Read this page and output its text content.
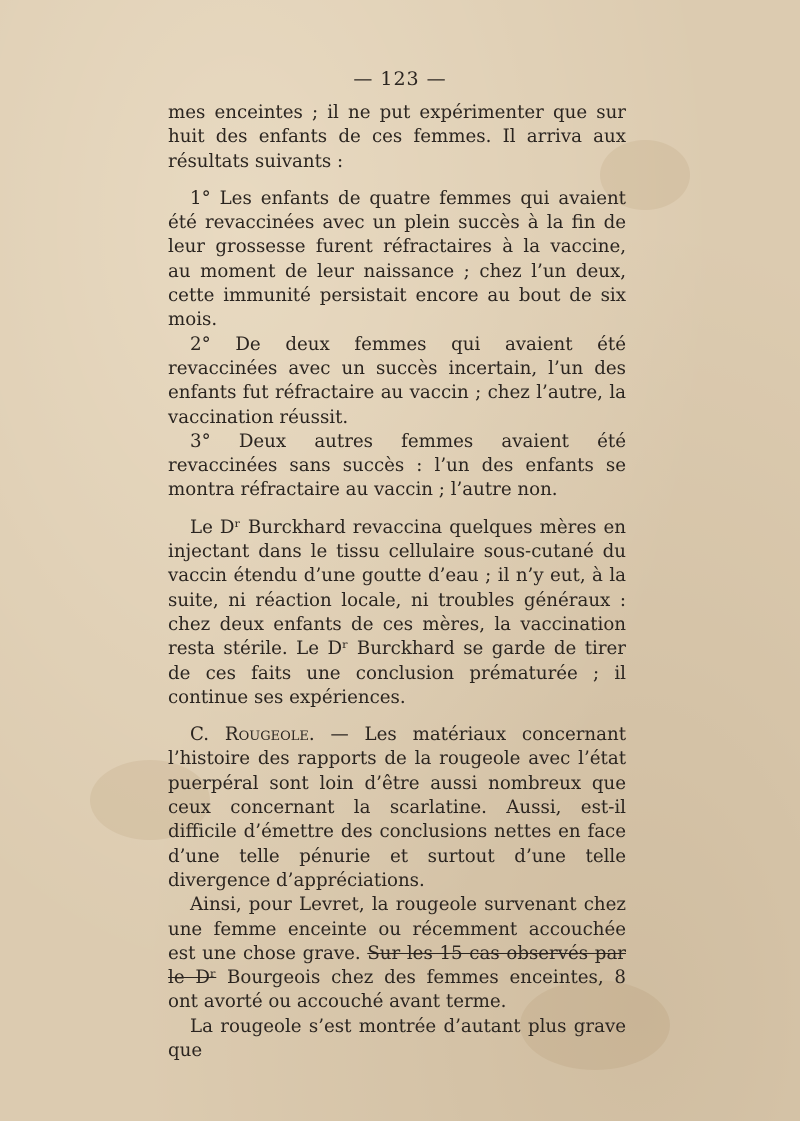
— 123 —

mes enceintes ; il ne put expérimenter que sur huit des enfants de ces femmes. Il arriva aux résultats suivants :

1° Les enfants de quatre femmes qui avaient été revaccinées avec un plein succès à la fin de leur grossesse furent réfractaires à la vaccine, au moment de leur naissance ; chez l’un deux, cette immunité persistait encore au bout de six mois.

2° De deux femmes qui avaient été revaccinées avec un succès incertain, l’un des enfants fut réfractaire au vaccin ; chez l’autre, la vaccination réussit.

3° Deux autres femmes avaient été revaccinées sans succès : l’un des enfants se montra réfractaire au vaccin ; l’autre non.

Le Dʳ Burckhard revaccina quelques mères en injectant dans le tissu cellulaire sous-cutané du vaccin étendu d’une goutte d’eau ; il n’y eut, à la suite, ni réaction locale, ni troubles généraux : chez deux enfants de ces mères, la vaccination resta stérile. Le Dʳ Burckhard se garde de tirer de ces faits une conclusion prématurée ; il continue ses expériences.

C. Rougeole. — Les matériaux concernant l’histoire des rapports de la rougeole avec l’état puerpéral sont loin d’être aussi nombreux que ceux concernant la scarlatine. Aussi, est-il difficile d’émettre des conclusions nettes en face d’une telle pénurie et surtout d’une telle divergence d’appréciations.

Ainsi, pour Levret, la rougeole survenant chez une femme enceinte ou récemment accouchée est une chose grave. Sur les 15 cas observés par le Dʳ Bourgeois chez des femmes enceintes, 8 ont avorté ou accouché avant terme.

La rougeole s’est montrée d’autant plus grave que
